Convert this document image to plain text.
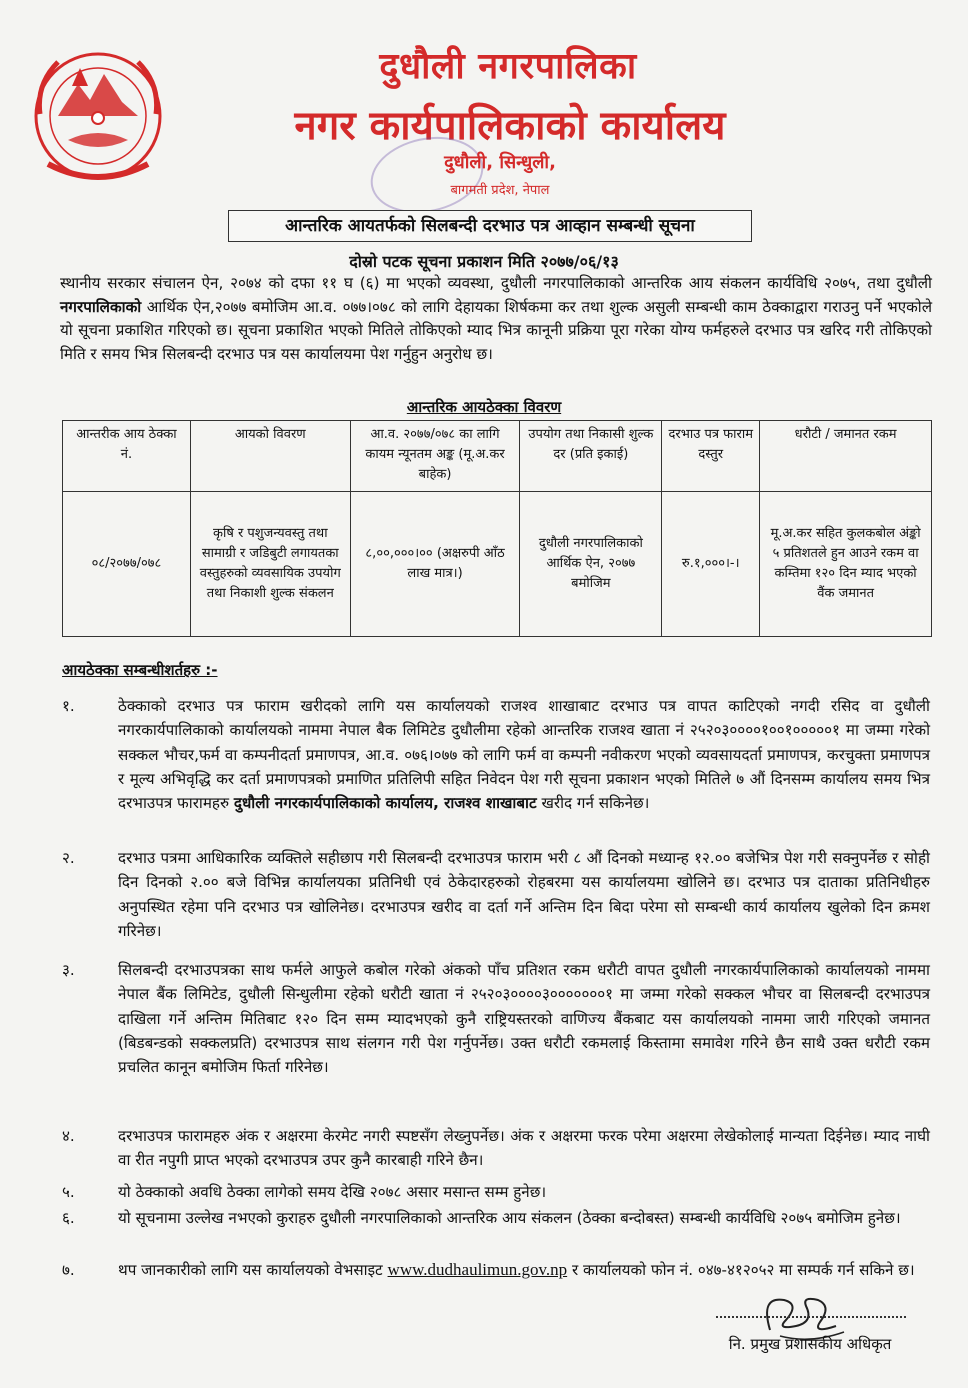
दुधौली नगरपालिका
नगर कार्यपालिकाको कार्यालय
दुधौली, सिन्धुली,
बागमती प्रदेश, नेपाल
आन्तरिक आयतर्फको सिलबन्दी दरभाउ पत्र आव्हान सम्बन्धी सूचना
दोस्रो पटक सूचना प्रकाशन मिति २०७७/०६/१३
स्थानीय सरकार संचालन ऐन, २०७४ को दफा ११ घ (६) मा भएको व्यवस्था, दुधौली नगरपालिकाको आन्तरिक आय संकलन कार्यविधि २०७५, तथा दुधौली नगरपालिकाको आर्थिक ऐन,२०७७ बमोजिम आ.व. ०७७।०७८ को लागि देहायका शिर्षकमा कर तथा शुल्क असुली सम्बन्धी काम ठेक्काद्वारा गराउनु पर्ने भएकोले यो सूचना प्रकाशित गरिएको छ। सूचना प्रकाशित भएको मितिले तोकिएको म्याद भित्र कानूनी प्रक्रिया पूरा गरेका योग्य फर्महरुले दरभाउ पत्र खरिद गरी तोकिएको मिति र समय भित्र सिलबन्दी दरभाउ पत्र यस कार्यालयमा पेश गर्नुहुन अनुरोध छ।
आन्तरिक आयठेक्का विवरण
आन्तरीक आय ठेक्का नं.	आयको विवरण	आ.व. २०७७/०७८ का लागि कायम न्यूनतम अङ्क (मू.अ.कर बाहेक)	उपयोग तथा निकासी शुल्क दर (प्रति इकाई)	दरभाउ पत्र फाराम दस्तुर	धरौटी / जमानत रकम
०८/२०७७/०७८	कृषि र पशुजन्यवस्तु तथा सामाग्री र जडिबुटी लगायतका वस्तुहरुको व्यवसायिक उपयोग तथा निकाशी शुल्क संकलन	८,००,०००।०० (अक्षरुपी आँठ लाख मात्र।)	दुधौली नगरपालिकाको आर्थिक ऐन, २०७७ बमोजिम	रु.१,०००।-।	मू.अ.कर सहित कुलकबोल अंङ्को ५ प्रतिशतले हुन आउने रकम वा कम्तिमा १२० दिन म्याद भएको वैंक जमानत
आयठेक्का सम्बन्धीशर्तहरु :-
१.	ठेक्काको दरभाउ पत्र फाराम खरीदको लागि यस कार्यालयको राजश्व शाखाबाट दरभाउ पत्र वापत काटिएको नगदी रसिद वा दुधौली नगरकार्यपालिकाको कार्यालयको नाममा नेपाल बैक लिमिटेड दुधौलीमा रहेको आन्तरिक राजश्व खाता नं २५२०३००००१००१०००००१ मा जम्मा गरेको सक्कल भौचर,फर्म वा कम्पनीदर्ता प्रमाणपत्र, आ.व. ०७६।०७७ को लागि फर्म वा कम्पनी नवीकरण भएको व्यवसायदर्ता प्रमाणपत्र, करचुक्ता प्रमाणपत्र र मूल्य अभिवृद्धि कर दर्ता प्रमाणपत्रको प्रमाणित प्रतिलिपी सहित निवेदन पेश गरी सूचना प्रकाशन भएको मितिले ७ औं दिनसम्म कार्यालय समय भित्र दरभाउपत्र फारामहरु दुधौली नगरकार्यपालिकाको कार्यालय, राजश्व शाखाबाट खरीद गर्न सकिनेछ।
२.	दरभाउ पत्रमा आधिकारिक व्यक्तिले सहीछाप गरी सिलबन्दी दरभाउपत्र फाराम भरी ८ औं दिनको मध्यान्ह १२.०० बजेभित्र पेश गरी सक्नुपर्नेछ र सोही दिन दिनको २.०० बजे विभिन्न कार्यालयका प्रतिनिधी एवं ठेकेदारहरुको रोहबरमा यस कार्यालयमा खोलिने छ। दरभाउ पत्र दाताका प्रतिनिधीहरु अनुपस्थित रहेमा पनि दरभाउ पत्र खोलिनेछ। दरभाउपत्र खरीद वा दर्ता गर्ने अन्तिम दिन बिदा परेमा सो सम्बन्धी कार्य कार्यालय खुलेको दिन क्रमश गरिनेछ।
३.	सिलबन्दी दरभाउपत्रका साथ फर्मले आफुले कबोल गरेको अंकको पाँच प्रतिशत रकम धरौटी वापत दुधौली नगरकार्यपालिकाको कार्यालयको नाममा नेपाल बैंक लिमिटेड, दुधौली सिन्धुलीमा रहेको धरौटी खाता नं २५२०३००००३०००००००१ मा जम्मा गरेको सक्कल भौचर वा सिलबन्दी दरभाउपत्र दाखिला गर्ने अन्तिम मितिबाट १२० दिन सम्म म्यादभएको कुनै राष्ट्रियस्तरको वाणिज्य बैंकबाट यस कार्यालयको नाममा जारी गरिएको जमानत (बिडबन्डको सक्कलप्रति) दरभाउपत्र साथ संलगन गरी पेश गर्नुपर्नेछ। उक्त धरौटी रकमलाई किस्तामा समावेश गरिने छैन साथै उक्त धरौटी रकम प्रचलित कानून बमोजिम फिर्ता गरिनेछ।
४.	दरभाउपत्र फारामहरु अंक र अक्षरमा केरमेट नगरी स्पष्टसँग लेख्नुपर्नेछ। अंक र अक्षरमा फरक परेमा अक्षरमा लेखेकोलाई मान्यता दिईनेछ। म्याद नाघी वा रीत नपुगी प्राप्त भएको दरभाउपत्र उपर कुनै कारबाही गरिने छैन।
५.	यो ठेक्काको अवधि ठेक्का लागेको समय देखि २०७८ असार मसान्त सम्म हुनेछ।
६.	यो सूचनामा उल्लेख नभएको कुराहरु दुधौली नगरपालिकाको आन्तरिक आय संकलन (ठेक्का बन्दोबस्त) सम्बन्धी कार्यविधि २०७५ बमोजिम हुनेछ।
७.	थप जानकारीको लागि यस कार्यालयको वेभसाइट www.dudhaulimun.gov.np र कार्यालयको फोन नं. ०४७-४१२०५२ मा सम्पर्क गर्न सकिने छ।
नि. प्रमुख प्रशासकीय अधिकृत
